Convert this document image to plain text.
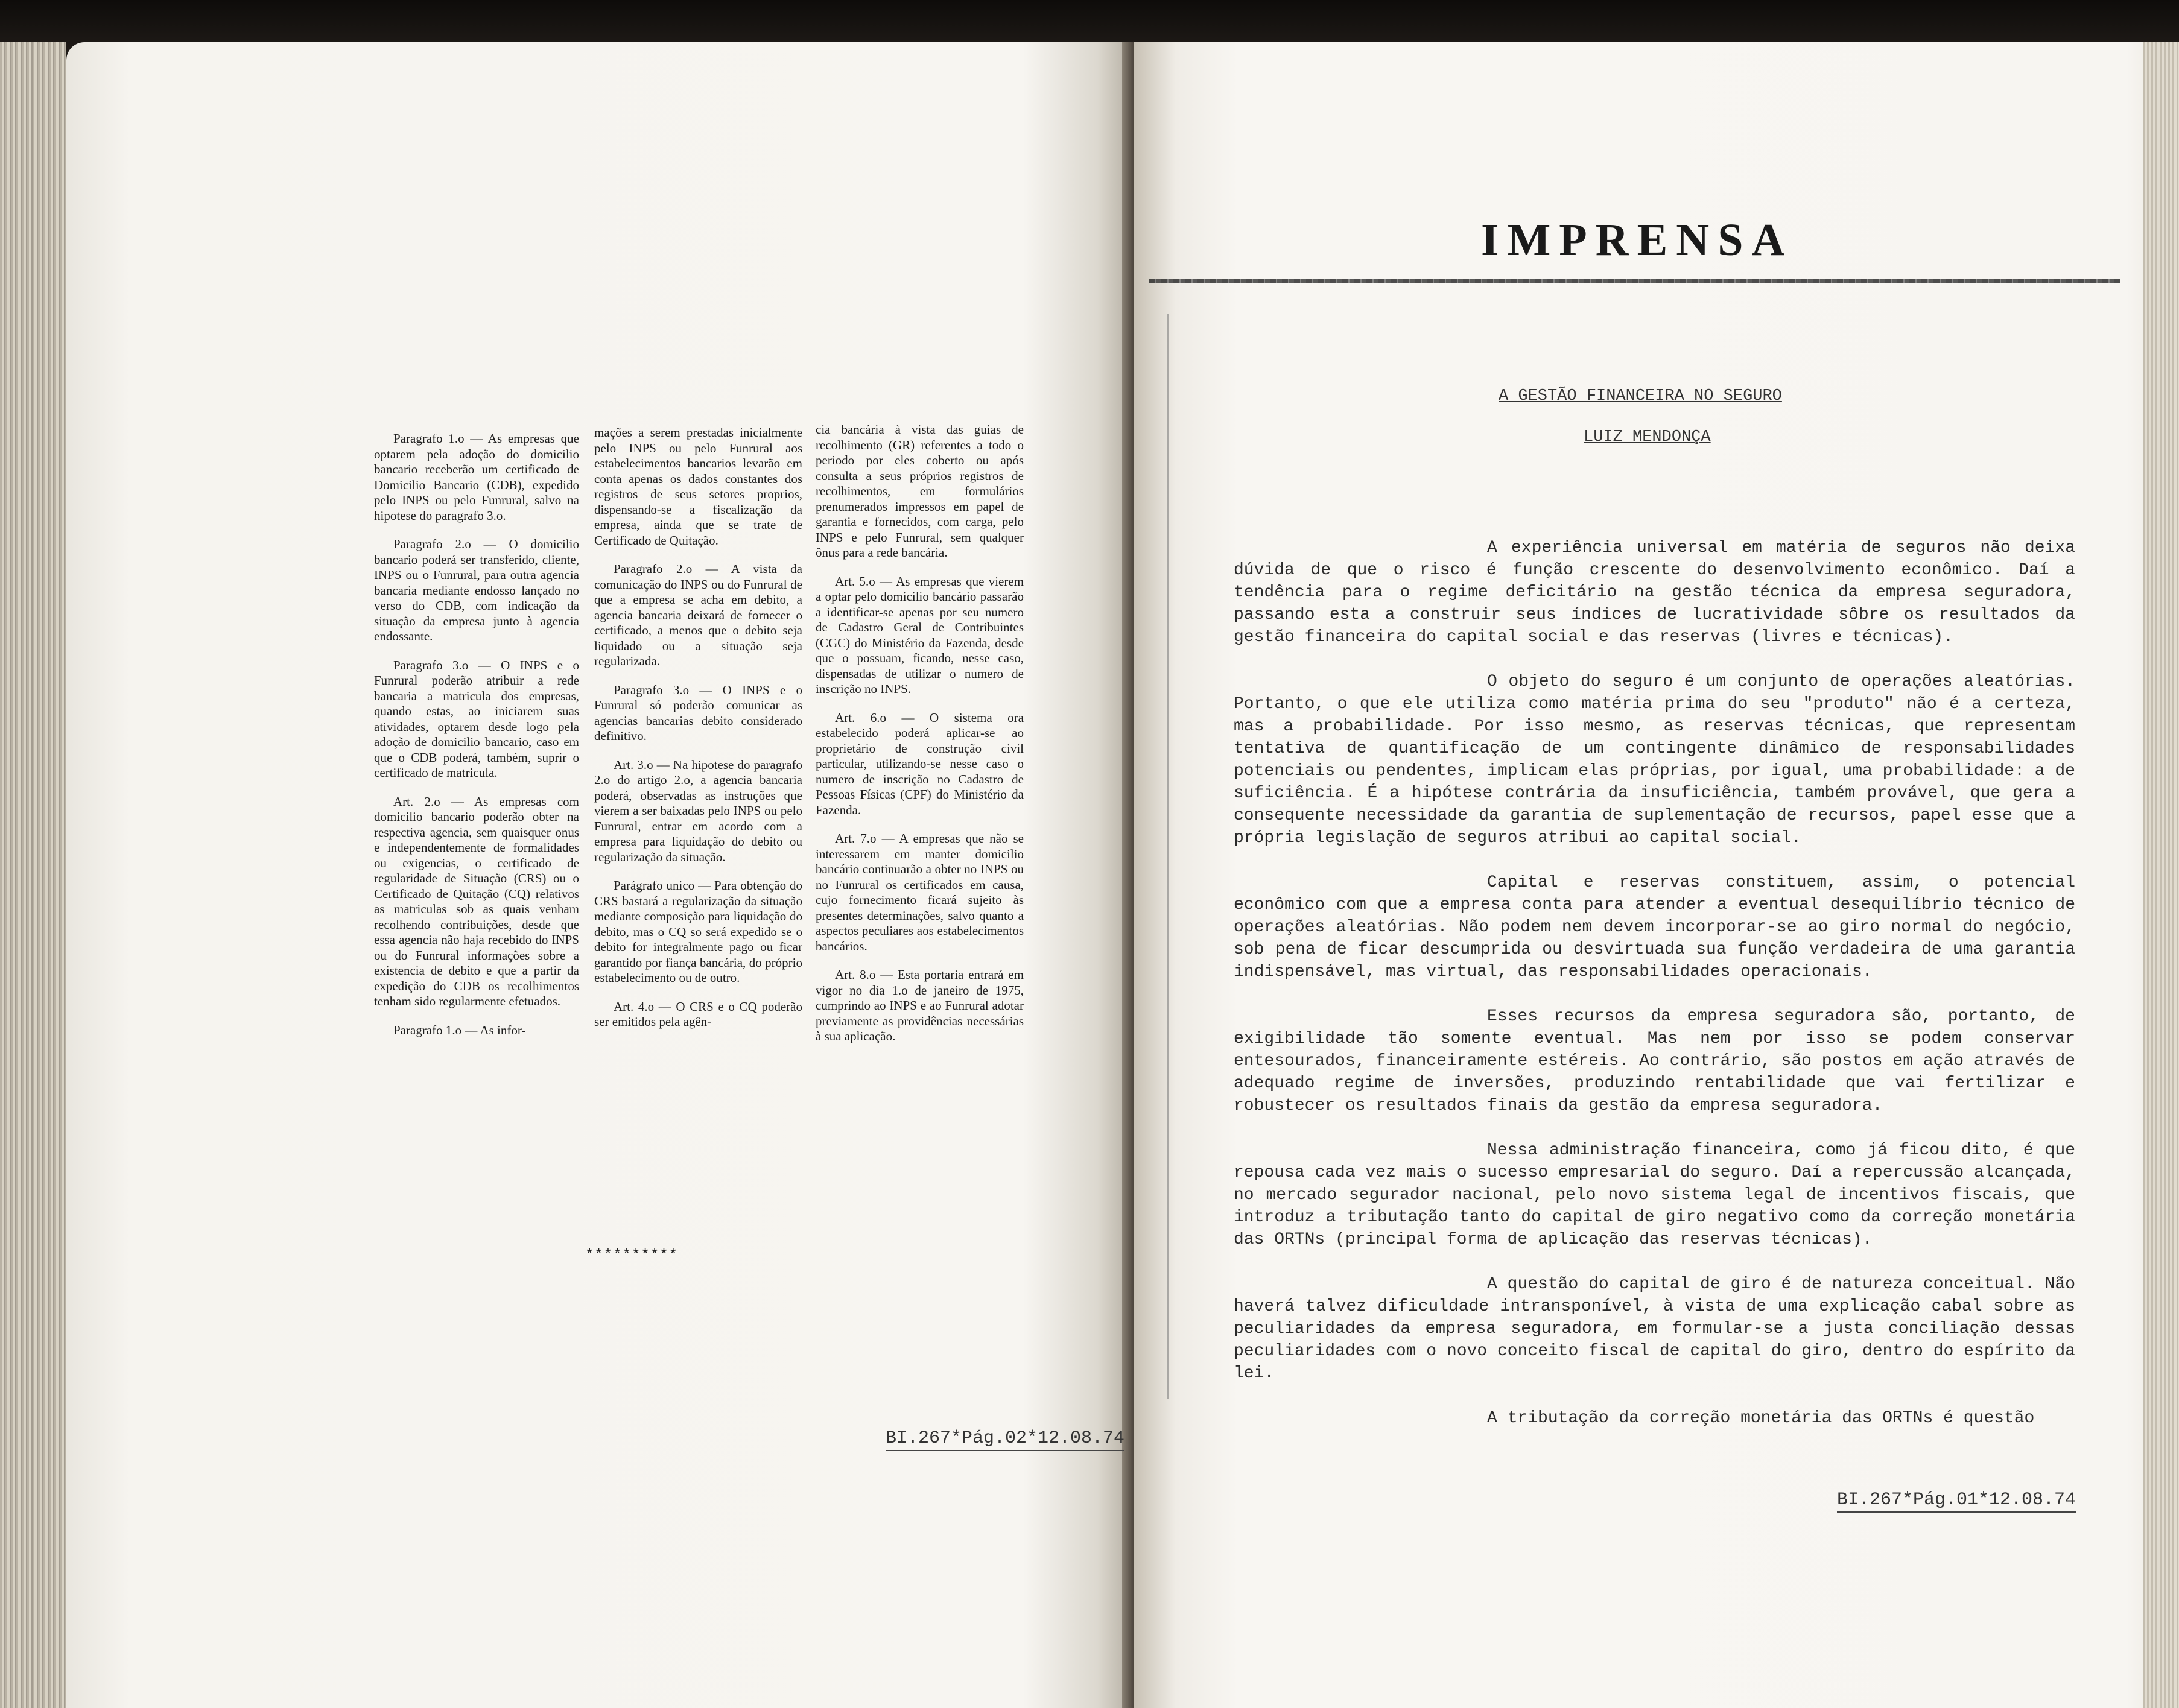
Paragrafo 1.o — As empresas que optarem pela adoção do domicilio bancario receberão um certificado de Domicilio Bancario (CDB), expedido pelo INPS ou pelo Funrural, salvo na hipotese do paragrafo 3.o.

Paragrafo 2.o — O domicilio bancario poderá ser transferido, cliente, INPS ou o Funrural, para outra agencia bancaria mediante endosso lançado no verso do CDB, com indicação da situação da empresa junto à agencia endossante.

Paragrafo 3.o — O INPS e o Funrural poderão atribuir a rede bancaria a matricula dos empresas, quando estas, ao iniciarem suas atividades, optarem desde logo pela adoção de domicilio bancario, caso em que o CDB poderá, também, suprir o certificado de matricula.

Art. 2.o — As empresas com domicilio bancario poderão obter na respectiva agencia, sem quaisquer onus e independentemente de formalidades ou exigencias, o certificado de regularidade de Situação (CRS) ou o Certificado de Quitação (CQ) relativos as matriculas sob as quais venham recolhendo contribuições, desde que essa agencia não haja recebido do INPS ou do Funrural informações sobre a existencia de debito e que a partir da expedição do CDB os recolhimentos tenham sido regularmente efetuados.

Paragrafo 1.o — As infor-

mações a serem prestadas inicialmente pelo INPS ou pelo Funrural aos estabelecimentos bancarios levarão em conta apenas os dados constantes dos registros de seus setores proprios, dispensando-se a fiscalização da empresa, ainda que se trate de Certificado de Quitação.

Paragrafo 2.o — A vista da comunicação do INPS ou do Funrural de que a empresa se acha em debito, a agencia bancaria deixará de fornecer o certificado, a menos que o debito seja liquidado ou a situação seja regularizada.

Paragrafo 3.o — O INPS e o Funrural só poderão comunicar as agencias bancarias debito considerado definitivo.

Art. 3.o — Na hipotese do paragrafo 2.o do artigo 2.o, a agencia bancaria poderá, observadas as instruções que vierem a ser baixadas pelo INPS ou pelo Funrural, entrar em acordo com a empresa para liquidação do debito ou regularização da situação.

Parágrafo unico — Para obtenção do CRS bastará a regularização da situação mediante composição para liquidação do debito, mas o CQ so será expedido se o debito for integralmente pago ou ficar garantido por fiança bancária, do próprio estabelecimento ou de outro.

Art. 4.o — O CRS e o CQ poderão ser emitidos pela agên-

cia bancária à vista das guias de recolhimento (GR) referentes a todo o periodo por eles coberto ou após consulta a seus próprios registros de recolhimentos, em formulários prenumerados impressos em papel de garantia e fornecidos, com carga, pelo INPS e pelo Funrural, sem qualquer ônus para a rede bancária.

Art. 5.o — As empresas que vierem a optar pelo domicilio bancário passarão a identificar-se apenas por seu numero de Cadastro Geral de Contribuintes (CGC) do Ministério da Fazenda, desde que o possuam, ficando, nesse caso, dispensadas de utilizar o numero de inscrição no INPS.

Art. 6.o — O sistema ora estabelecido poderá aplicar-se ao proprietário de construção civil particular, utilizando-se nesse caso o numero de inscrição no Cadastro de Pessoas Físicas (CPF) do Ministério da Fazenda.

Art. 7.o — A empresas que não se interessarem em manter domicilio bancário continuarão a obter no INPS ou no Funrural os certificados em causa, cujo fornecimento ficará sujeito às presentes determinações, salvo quanto a aspectos peculiares aos estabelecimentos bancários.

Art. 8.o — Esta portaria entrará em vigor no dia 1.o de janeiro de 1975, cumprindo ao INPS e ao Funrural adotar previamente as providências necessárias à sua aplicação.

**********
BI.267*Pág.02*12.08.74
IMPRENSA
A GESTÃO FINANCEIRA NO SEGURO
LUIZ MENDONÇA

A experiência universal em matéria de seguros não deixa dúvida de que o risco é função crescente do desenvolvimento econômico. Daí a tendência para o regime deficitário na gestão técnica da empresa seguradora, passando esta a construir seus índices de lucratividade sôbre os resultados da gestão financeira do capital social e das reservas (livres e técnicas).

O objeto do seguro é um conjunto de operações aleatórias. Portanto, o que ele utiliza como matéria prima do seu "produto" não é a certeza, mas a probabilidade. Por isso mesmo, as reservas técnicas, que representam tentativa de quantificação de um contingente dinâmico de responsabilidades potenciais ou pendentes, implicam elas próprias, por igual, uma probabilidade: a de suficiência. É a hipótese contrária da insuficiência, também provável, que gera a consequente necessidade da garantia de suplementação de recursos, papel esse que a própria legislação de seguros atribui ao capital social.

Capital e reservas constituem, assim, o potencial econômico com que a empresa conta para atender a eventual desequilíbrio técnico de operações aleatórias. Não podem nem devem incorporar-se ao giro normal do negócio, sob pena de ficar descumprida ou desvirtuada sua função verdadeira de uma garantia indispensável, mas virtual, das responsabilidades operacionais.

Esses recursos da empresa seguradora são, portanto, de exigibilidade tão somente eventual. Mas nem por isso se podem conservar entesourados, financeiramente estéreis. Ao contrário, são postos em ação através de adequado regime de inversões, produzindo rentabilidade que vai fertilizar e robustecer os resultados finais da gestão da empresa seguradora.

Nessa administração financeira, como já ficou dito, é que repousa cada vez mais o sucesso empresarial do seguro. Daí a repercussão alcançada, no mercado segurador nacional, pelo novo sistema legal de incentivos fiscais, que introduz a tributação tanto do capital de giro negativo como da correção monetária das ORTNs (principal forma de aplicação das reservas técnicas).

A questão do capital de giro é de natureza conceitual. Não haverá talvez dificuldade intransponível, à vista de uma explicação cabal sobre as peculiaridades da empresa seguradora, em formular-se a justa conciliação dessas peculiaridades com o novo conceito fiscal de capital do giro, dentro do espírito da lei.

A tributação da correção monetária das ORTNs é questão

BI.267*Pág.01*12.08.74
